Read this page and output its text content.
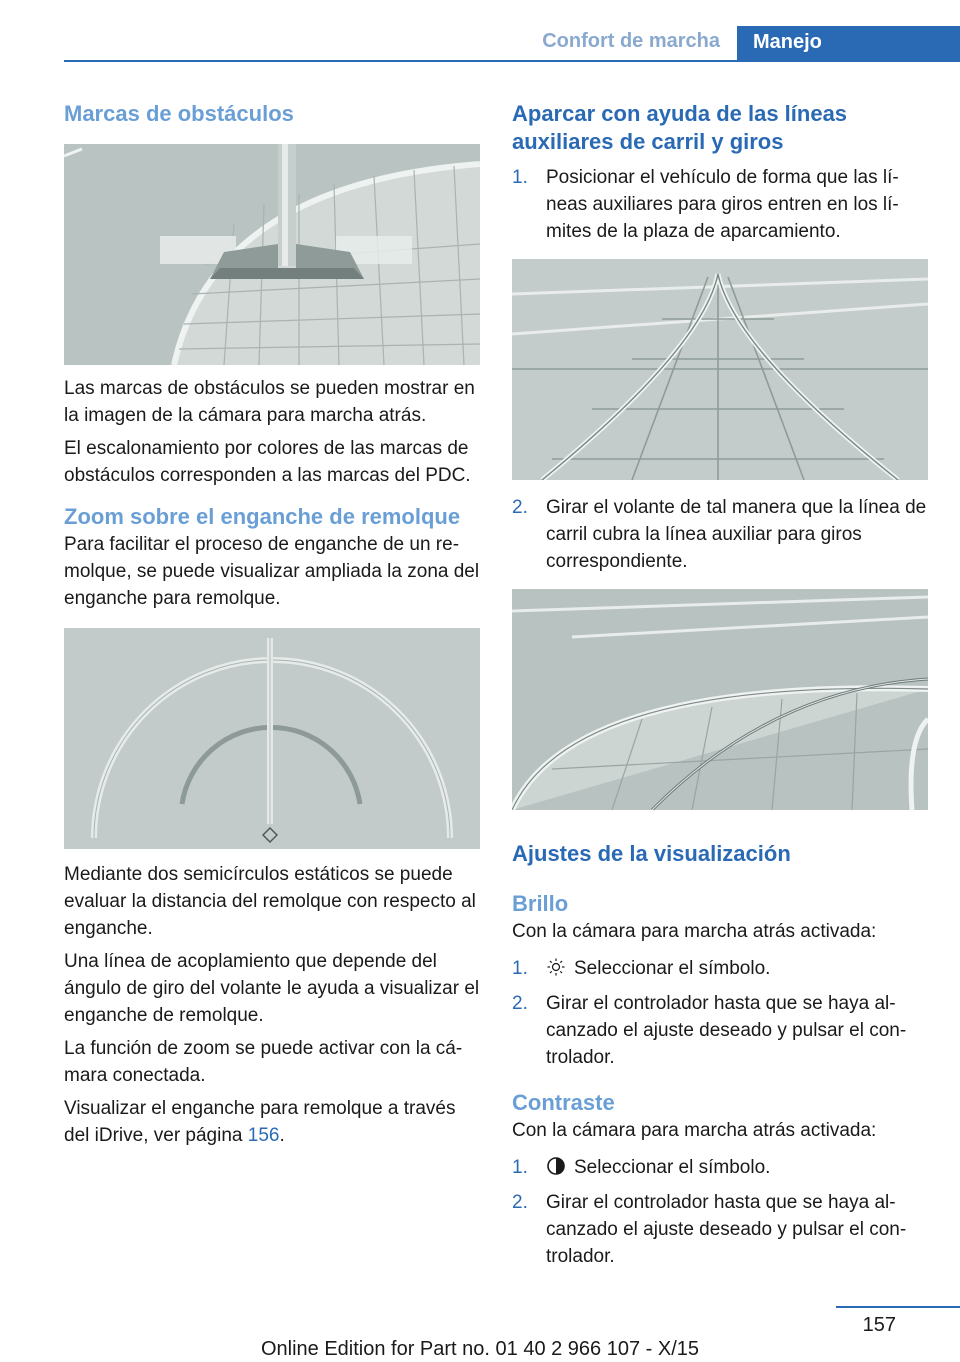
Confort de marcha	Manejo
Marcas de obstáculos

Las marcas de obstáculos se pueden mostrar en la imagen de la cámara para marcha atrás.

El escalonamiento por colores de las marcas de obstáculos corresponden a las marcas del PDC.

Zoom sobre el enganche de remolque

Para facilitar el proceso de enganche de un remolque, se puede visualizar ampliada la zona del enganche para remolque.

Mediante dos semicírculos estáticos se puede evaluar la distancia del remolque con respecto al enganche.

Una línea de acoplamiento que depende del ángulo de giro del volante le ayuda a visualizar el enganche de remolque.

La función de zoom se puede activar con la cámara conectada.

Visualizar el enganche para remolque a través del iDrive, ver página 156.

Aparcar con ayuda de las líneas auxiliares de carril y giros
1. Posicionar el vehículo de forma que las líneas auxiliares para giros entren en los límites de la plaza de aparcamiento.
2. Girar el volante de tal manera que la línea de carril cubra la línea auxiliar para giros correspondiente.
Ajustes de la visualización
Brillo

Con la cámara para marcha atrás activada:

1. Seleccionar el símbolo.
2. Girar el controlador hasta que se haya alcanzado el ajuste deseado y pulsar el controlador.
Contraste

Con la cámara para marcha atrás activada:

1. Seleccionar el símbolo.
2. Girar el controlador hasta que se haya alcanzado el ajuste deseado y pulsar el controlador.
157
Online Edition for Part no. 01 40 2 966 107 - X/15
